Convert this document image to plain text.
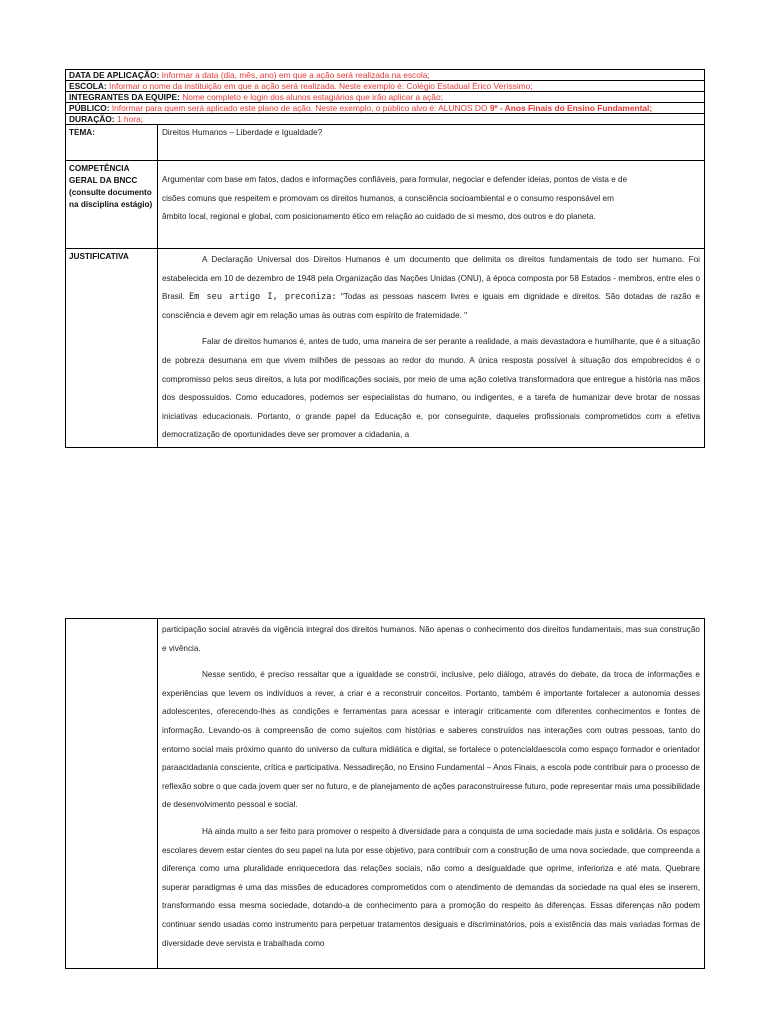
DATA DE APLICAÇÃO: Informar a data (dia, mês, ano) em que a ação será realizada na escola;	
ESCOLA: Informar o nome da instituição em que a ação será realizada. Neste exemplo é: Colégio Estadual Érico Veríssimo;	
INTEGRANTES DA EQUIPE: Nome completo e login dos alunos estagiários que irão aplicar a ação;	
PÚBLICO: Informar para quem será aplicado este plano de ação. Neste exemplo, o público alvo é: ALUNOS DO 9º - Anos Finais do Ensino Fundamental;	
DURAÇÃO: 1 hora;	
TEMA:	Direitos Humanos – Liberdade e Igualdade?
COMPETÊNCIA GERAL DA BNCC (consulte documento na disciplina estágio)	Argumentar com base em fatos, dados e informações confiáveis, para formular, negociar e defender ideias, pontos de vista e de
cisões comuns que respeitem e promovam os direitos humanos, a consciência socioambiental e o consumo responsável em
âmbito local, regional e global, com posicionamento ético em relação ao cuidado de si mesmo, dos outros e do planeta.

JUSTIFICATIVA	A Declaração Universal dos Direitos Humanos é um documento que delimita os direitos fundamentais de todo ser humano. Foi estabelecida em 10 de dezembro de 1948 pela Organização das Nações Unidas (ONU), à época composta por 58 Estados - membros, entre eles o Brasil. Em seu artigo I, preconiza: "Todas as pessoas nascem livres e iguais em dignidade e direitos. São dotadas de razão e consciência e devem agir em relação umas às outras com espírito de fraternidade. "

Falar de direitos humanos é, antes de tudo, uma maneira de ser perante a realidade, a mais devastadora e humilhante, que é a situação de pobreza desumana em que vivem milhões de pessoas ao redor do mundo. A única resposta possível à situação dos empobrecidos é o compromisso pelos seus direitos, a luta por modificações sociais, por meio de uma ação coletiva transformadora que entregue a história nas mãos dos despossuídos. Como educadores, podemos ser especialistas do humano, ou indigentes, e a tarefa de humanizar deve brotar de nossas iniciativas educacionais. Portanto, o grande papel da Educação e, por conseguinte, daqueles profissionais comprometidos com a efetiva democratização de oportunidades deve ser promover a cidadania, a

participação social através da vigência integral dos direitos humanos. Não apenas o conhecimento dos direitos fundamentais, mas sua construção e vivência.

Nesse sentido, é preciso ressaltar que a igualdade se constrói, inclusive, pelo diálogo, através do debate, da troca de informações e experiências que levem os indivíduos a rever, a criar e a reconstruir conceitos. Portanto, também é importante fortalecer a autonomia desses adolescentes, oferecendo-lhes as condições e ferramentas para acessar e interagir criticamente com diferentes conhecimentos e fontes de informação. Levando-os à compreensão de como sujeitos com histórias e saberes construídos nas interações com outras pessoas, tanto do entorno social mais próximo quanto do universo da cultura midiática e digital, se fortalece o potencialdaescola como espaço formador e orientador paraacidadania consciente, crítica e participativa. Nessadireção, no Ensino Fundamental – Anos Finais, a escola pode contribuir para o processo de reflexão sobre o que cada jovem quer ser no futuro, e de planejamento de ações paraconstruiresse futuro, pode representar mais uma possibilidade de desenvolvimento pessoal e social.

Há ainda muito a ser feito para promover o respeito à diversidade para a conquista de uma sociedade mais justa e solidária. Os espaços escolares devem estar cientes do seu papel na luta por esse objetivo, para contribuir com a construção de uma nova sociedade, que compreenda a diferença como uma pluralidade enriquecedora das relações sociais, não como a desigualdade que oprime, inferioriza e até mata. Quebrare superar paradigmas é uma das missões de educadores comprometidos com o atendimento de demandas da sociedade na qual eles se inserem, transformando essa mesma sociedade, dotando-a de conhecimento para a promoção do respeito às diferenças. Essas diferenças não podem continuar sendo usadas como instrumento para perpetuar tratamentos desiguais e discriminatórios, pois a existência das mais variadas formas de diversidade deve servista e trabalhada como
